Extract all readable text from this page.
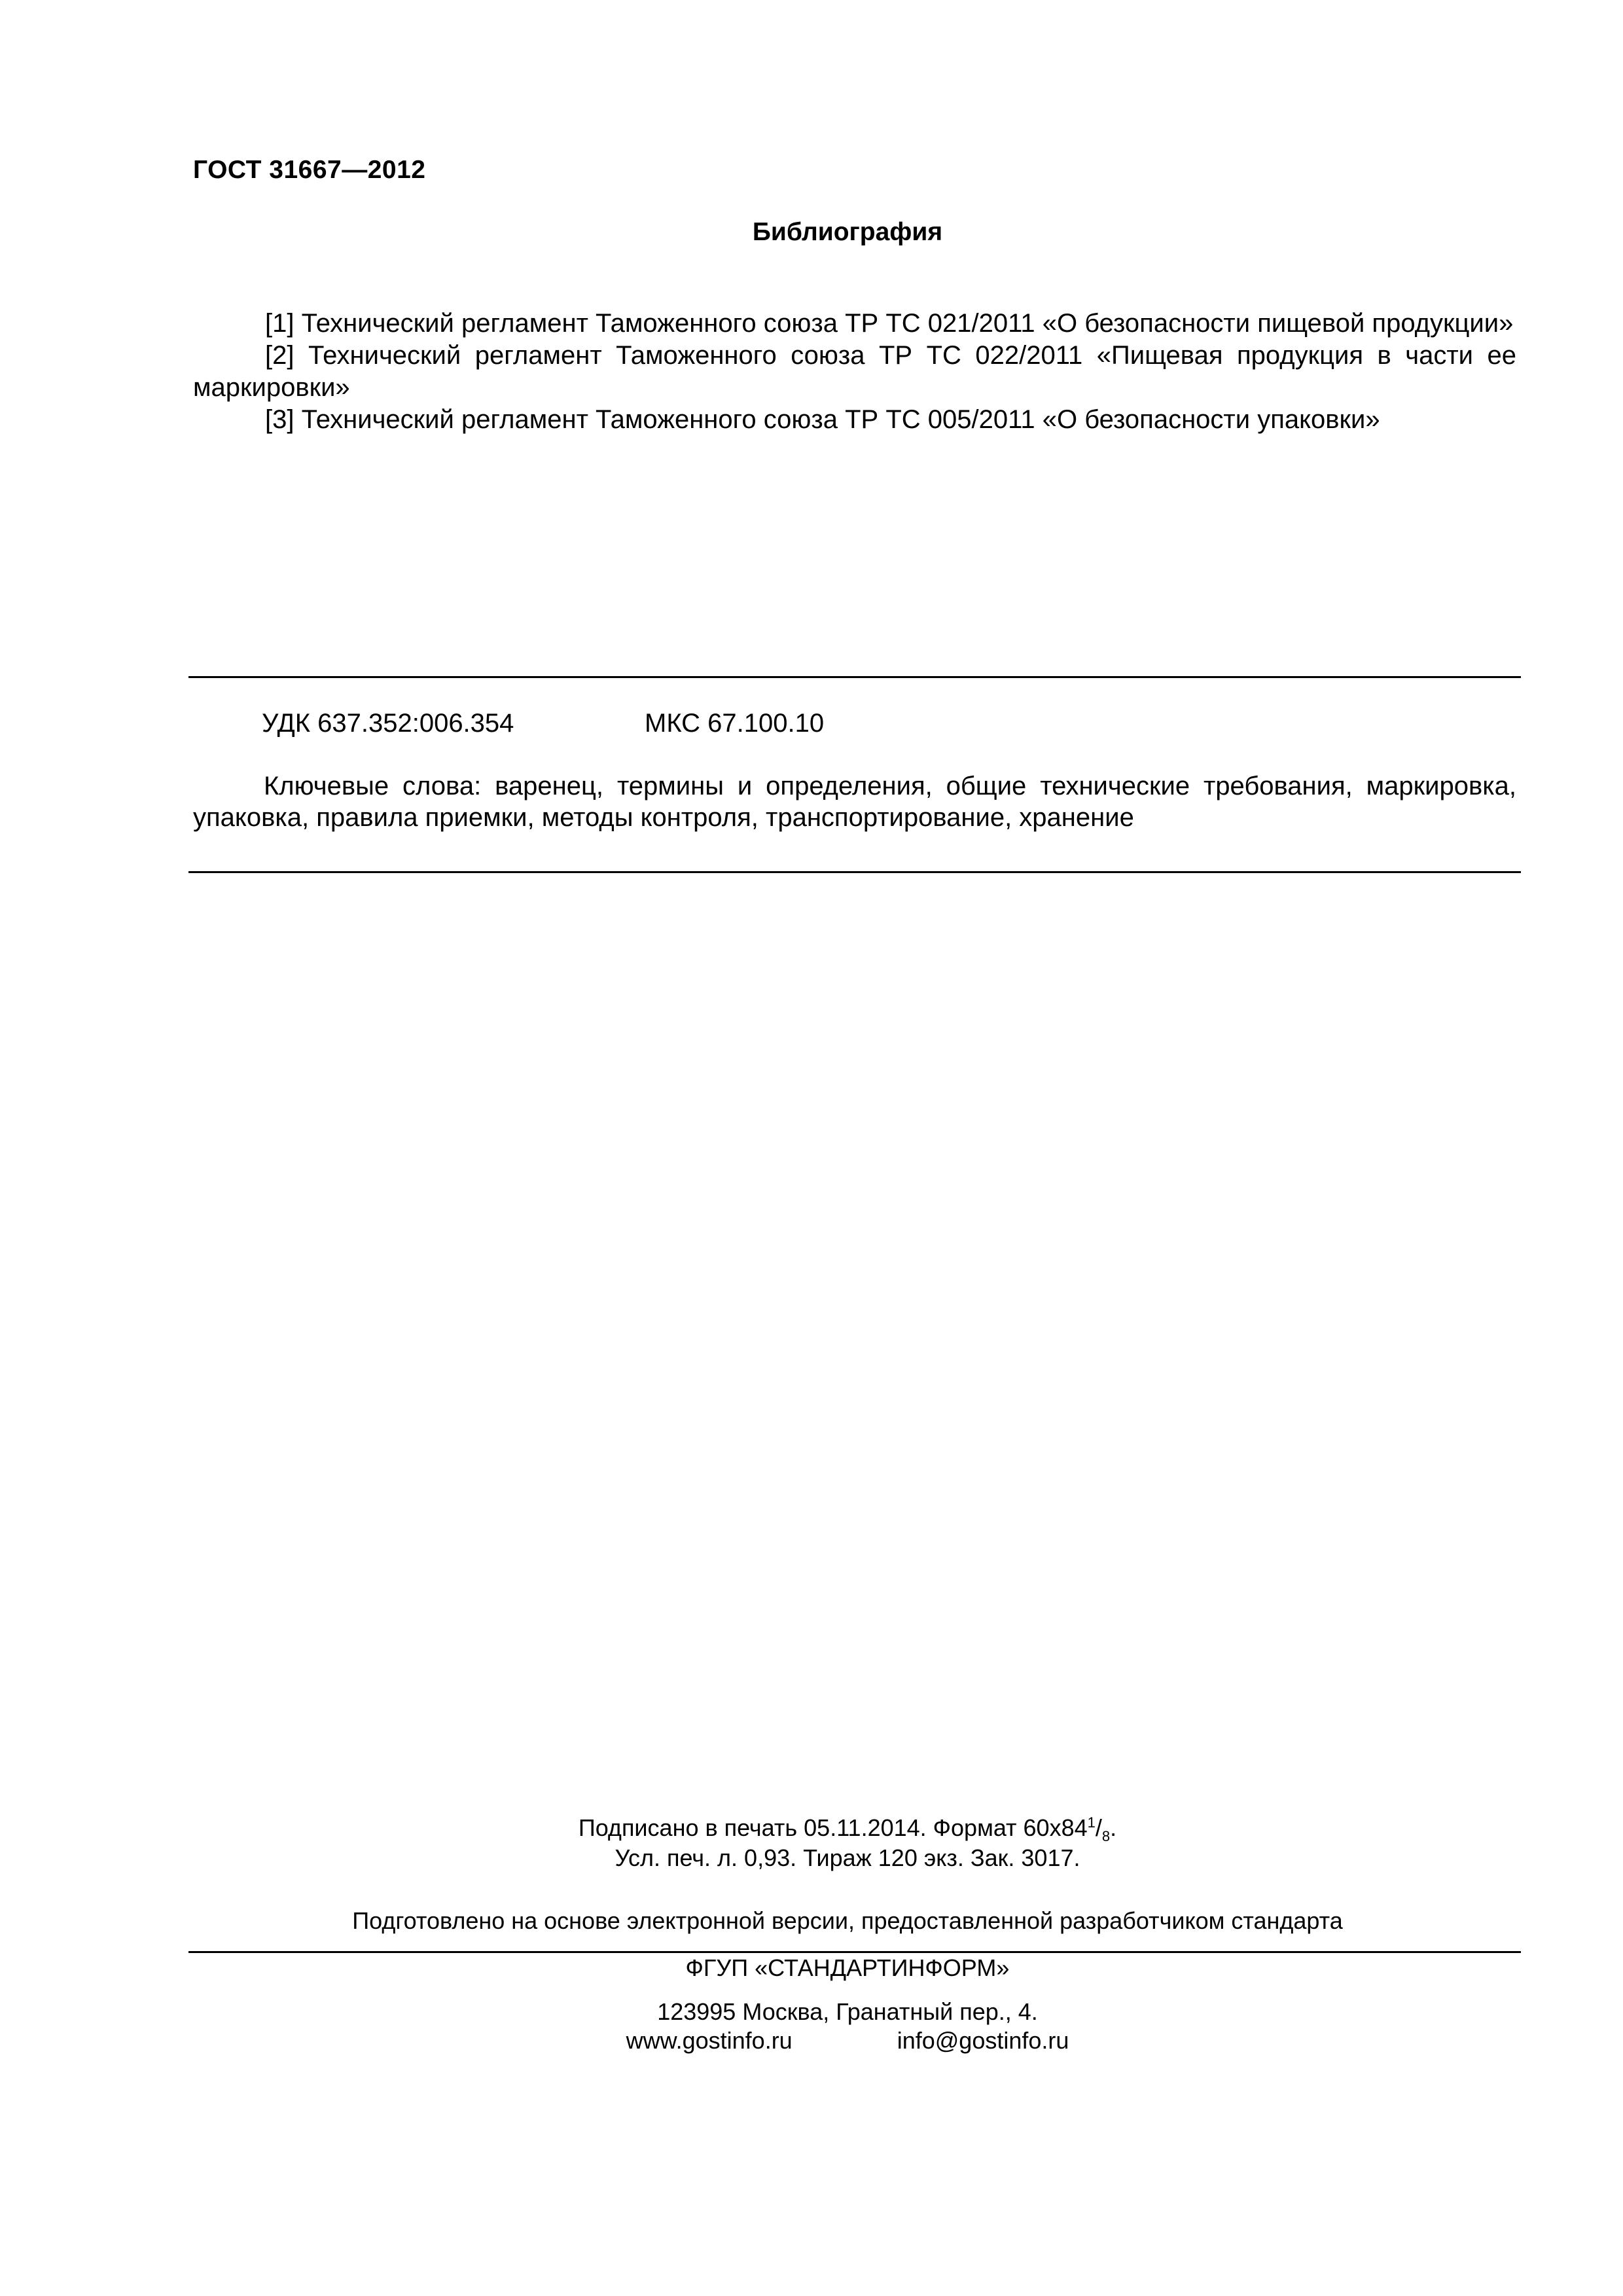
ГОСТ 31667—2012
Библиография
[1] Технический регламент Таможенного союза ТР ТС 021/2011 «О безопасности пищевой продукции»
[2] Технический регламент Таможенного союза ТР ТС 022/2011 «Пищевая продукция в части ее маркировки»
[3] Технический регламент Таможенного союза ТР ТС 005/2011 «О безопасности упаковки»
УДК 637.352:006.354	МКС 67.100.10
Ключевые слова: варенец, термины и определения, общие технические требования, маркировка, упаковка, правила приемки, методы контроля, транспортирование, хранение
Подписано в печать 05.11.2014. Формат $60x84^1/_8$.
Усл. печ. л. 0,93. Тираж 120 экз. Зак. 3017.
Подготовлено на основе электронной версии, предоставленной разработчиком стандарта
ФГУП «СТАНДАРТИНФОРМ»
123995 Москва, Гранатный пер., 4.
www.gostinfo.ru	info@gostinfo.ru
